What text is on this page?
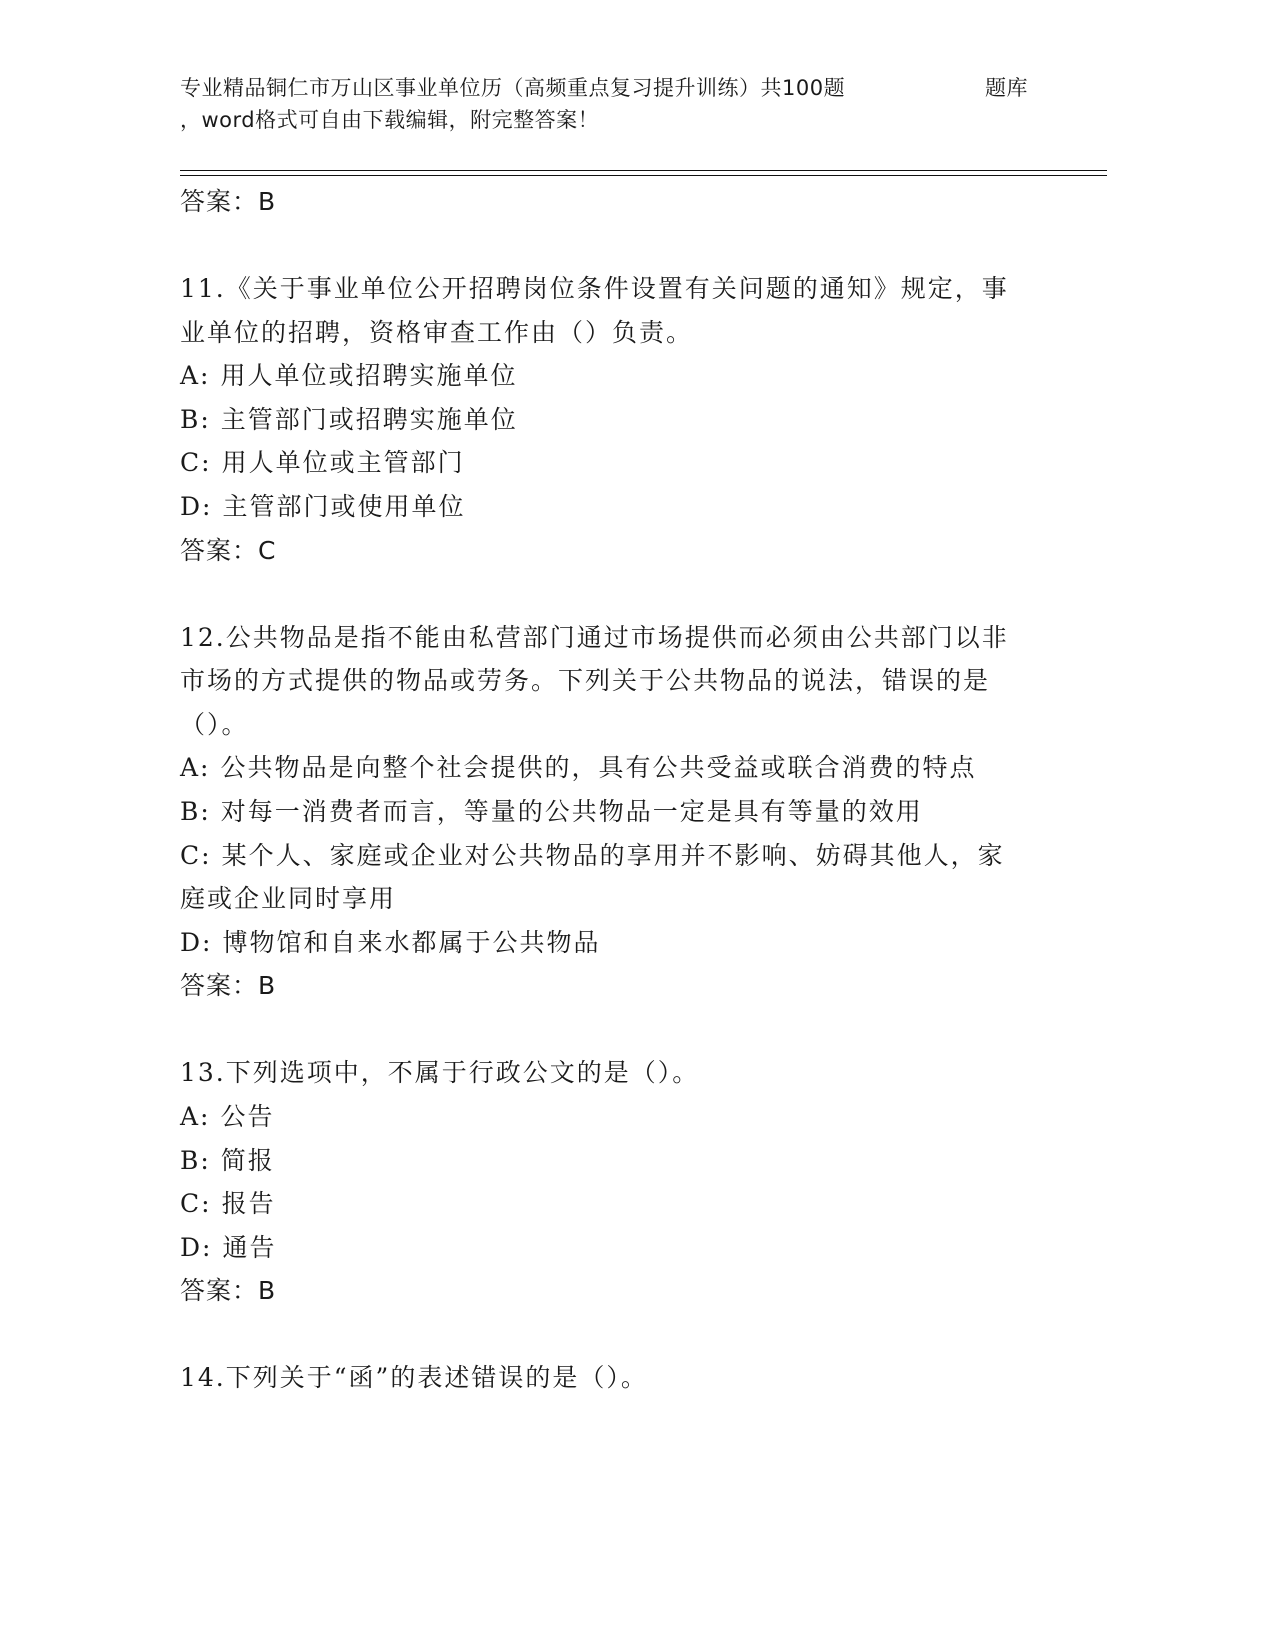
专业精品铜仁市万山区事业单位历（高频重点复习提升训练）共100题	题库
，word格式可自由下载编辑，附完整答案！

答案：B

11.《关于事业单位公开招聘岗位条件设置有关问题的通知》规定，事

业单位的招聘，资格审查工作由（）负责。

A: 用人单位或招聘实施单位

B: 主管部门或招聘实施单位

C: 用人单位或主管部门

D: 主管部门或使用单位

答案：C

12.公共物品是指不能由私营部门通过市场提供而必须由公共部门以非

市场的方式提供的物品或劳务。下列关于公共物品的说法，错误的是

（）。

A: 公共物品是向整个社会提供的，具有公共受益或联合消费的特点

B: 对每一消费者而言，等量的公共物品一定是具有等量的效用

C: 某个人、家庭或企业对公共物品的享用并不影响、妨碍其他人，家

庭或企业同时享用

D: 博物馆和自来水都属于公共物品

答案：B

13.下列选项中，不属于行政公文的是（）。

A: 公告

B: 简报

C: 报告

D: 通告

答案：B

14.下列关于“函”的表述错误的是（）。
